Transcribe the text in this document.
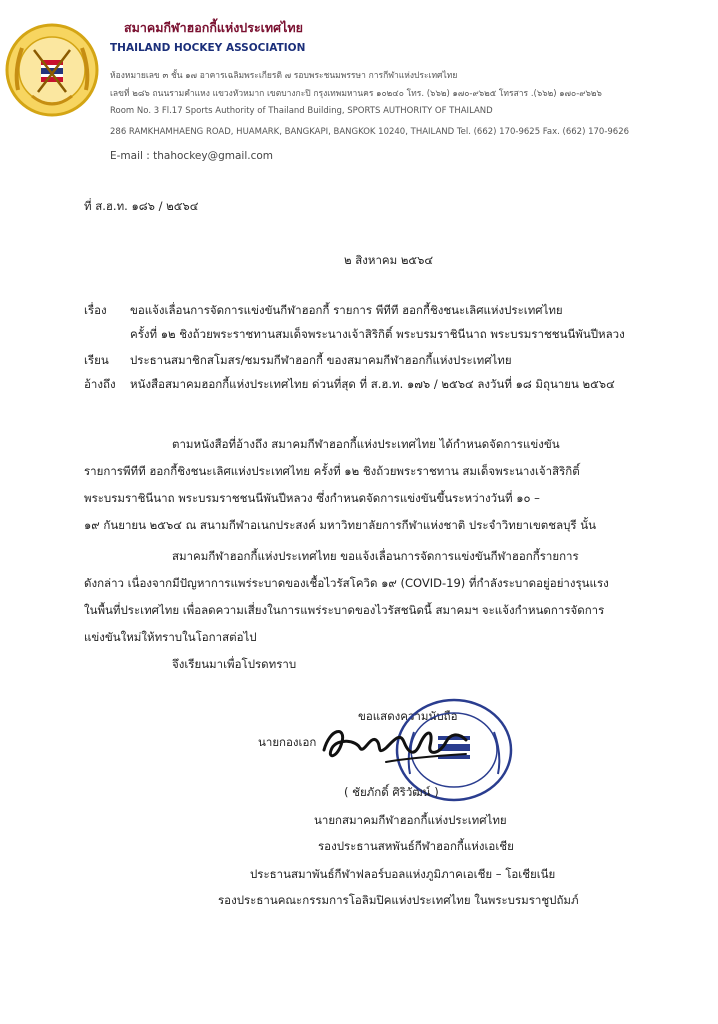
สมาคมกีฬาฮอกกี้แห่งประเทศไทย
THAILAND HOCKEY ASSOCIATION
ห้องหมายเลข ๓ ชั้น ๑๗ อาคารเฉลิมพระเกียรติ ๗ รอบพระชนมพรรษา การกีฬาแห่งประเทศไทย
เลขที่ ๒๘๖ ถนนรามคำแหง แขวงหัวหมาก เขตบางกะปิ กรุงเทพมหานคร ๑๐๒๔๐ โทร. (๖๖๒) ๑๗๐-๙๖๒๕ โทรสาร .(๖๖๒) ๑๗๐-๙๖๒๖
Room No. 3 Fl.17 Sports Authority of Thailand Building, SPORTS AUTHORITY OF THAILAND
286 RAMKHAMHAENG ROAD, HUAMARK, BANGKAPI, BANGKOK 10240, THAILAND Tel. (662) 170-9625 Fax. (662) 170-9626
E-mail : thahockey@gmail.com
ที่ ส.ฮ.ท. ๑๘๖ / ๒๕๖๔
๒ สิงหาคม ๒๕๖๔
เรื่อง ขอแจ้งเลื่อนการจัดการแข่งขันกีฬาฮอกกี้ รายการ พีทีที ฮอกกี้ชิงชนะเลิศแห่งประเทศไทย
ครั้งที่ ๑๒ ชิงถ้วยพระราชทานสมเด็จพระนางเจ้าสิริกิติ์ พระบรมราชินีนาถ พระบรมราชชนนีพันปีหลวง
เรียน ประธานสมาชิกสโมสร/ชมรมกีฬาฮอกกี้ ของสมาคมกีฬาฮอกกี้แห่งประเทศไทย
อ้างถึง หนังสือสมาคมฮอกกี้แห่งประเทศไทย ด่วนที่สุด ที่ ส.ฮ.ท. ๑๗๖ / ๒๕๖๔ ลงวันที่ ๑๘ มิถุนายน ๒๕๖๔
ตามหนังสือที่อ้างถึง สมาคมกีฬาฮอกกี้แห่งประเทศไทย ได้กำหนดจัดการแข่งขัน
รายการพีทีที ฮอกกี้ชิงชนะเลิศแห่งประเทศไทย ครั้งที่ ๑๒ ชิงถ้วยพระราชทาน สมเด็จพระนางเจ้าสิริกิติ์
พระบรมราชินีนาถ พระบรมราชชนนีพันปีหลวง ซึ่งกำหนดจัดการแข่งขันขึ้นระหว่างวันที่ ๑๐ –
๑๙ กันยายน ๒๕๖๔ ณ สนามกีฬาอเนกประสงค์ มหาวิทยาลัยการกีฬาแห่งชาติ ประจำวิทยาเขตชลบุรี นั้น
สมาคมกีฬาฮอกกี้แห่งประเทศไทย ขอแจ้งเลื่อนการจัดการแข่งขันกีฬาฮอกกี้รายการ
ดังกล่าว เนื่องจากมีปัญหาการแพร่ระบาดของเชื้อไวรัสโควิด ๑๙ (COVID-19) ที่กำลังระบาดอยู่อย่างรุนแรง
ในพื้นที่ประเทศไทย เพื่อลดความเสี่ยงในการแพร่ระบาดของไวรัสชนิดนี้ สมาคมฯ จะแจ้งกำหนดการจัดการ
แข่งขันใหม่ให้ทราบในโอกาสต่อไป
จึงเรียนมาเพื่อโปรดทราบ
ขอแสดงความนับถือ
นายกองเอก
( ชัยภักดิ์ ศิริวัฒน์ )
นายกสมาคมกีฬาฮอกกี้แห่งประเทศไทย
รองประธานสหพันธ์กีฬาฮอกกี้แห่งเอเชีย
ประธานสมาพันธ์กีฬาฟลอร์บอลแห่งภูมิภาคเอเชีย – โอเชียเนีย
รองประธานคณะกรรมการโอลิมปิคแห่งประเทศไทย ในพระบรมราชูปถัมภ์
